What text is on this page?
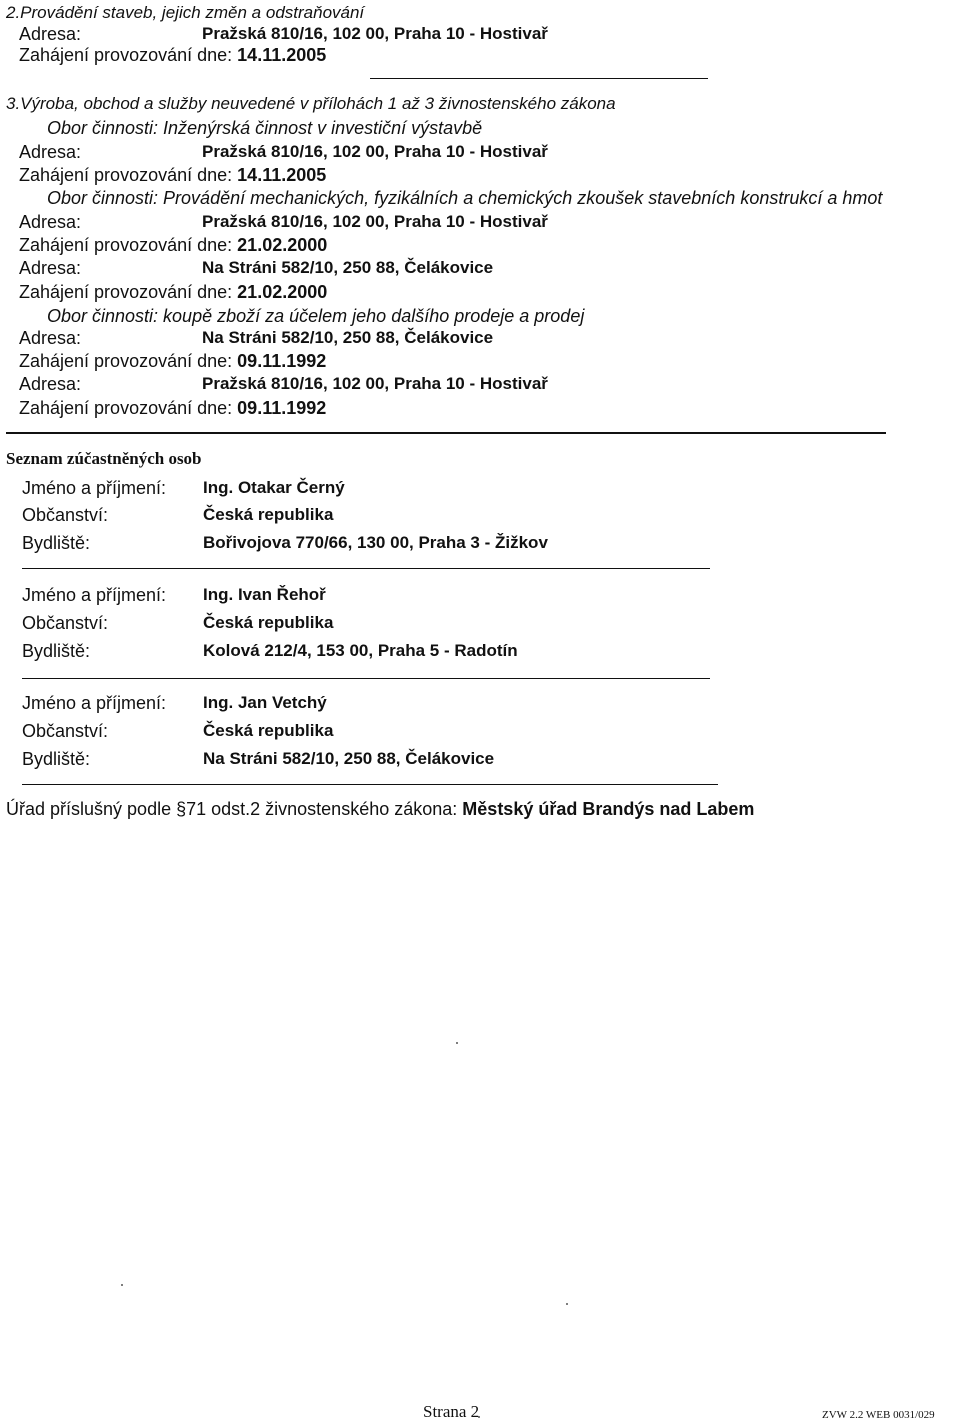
2.Provádění staveb, jejich změn a odstraňování
Adresa:	Pražská 810/16, 102 00, Praha 10 - Hostivař
Zahájení provozování dne: 14.11.2005
3.Výroba, obchod a služby neuvedené v přílohách 1 až 3 živnostenského zákona
Obor činnosti: Inženýrská činnost v investiční výstavbě
Adresa:	Pražská 810/16, 102 00, Praha 10 - Hostivař
Zahájení provozování dne: 14.11.2005
Obor činnosti: Provádění mechanických, fyzikálních a chemických zkoušek stavebních konstrukcí a hmot
Adresa:	Pražská 810/16, 102 00, Praha 10 - Hostivař
Zahájení provozování dne: 21.02.2000
Adresa:	Na Stráni 582/10, 250 88, Čelákovice
Zahájení provozování dne: 21.02.2000
Obor činnosti: koupě zboží za účelem jeho dalšího prodeje a prodej
Adresa:	Na Stráni 582/10, 250 88, Čelákovice
Zahájení provozování dne: 09.11.1992
Adresa:	Pražská 810/16, 102 00, Praha 10 - Hostivař
Zahájení provozování dne: 09.11.1992
Seznam zúčastněných osob
Jméno a příjmení: Ing. Otakar Černý
Občanství:	Česká republika
Bydliště:	Bořivojova 770/66, 130 00, Praha 3 - Žižkov
Jméno a příjmení: Ing. Ivan Řehoř
Občanství:	Česká republika
Bydliště:	Kolová 212/4, 153 00, Praha 5 - Radotín
Jméno a příjmení: Ing. Jan Vetchý
Občanství:	Česká republika
Bydliště:	Na Stráni 582/10, 250 88, Čelákovice
Úřad příslušný podle §71 odst.2 živnostenského zákona: Městský úřad Brandýs nad Labem
Strana 2	ZVW 2.2 WEB 0031/029
